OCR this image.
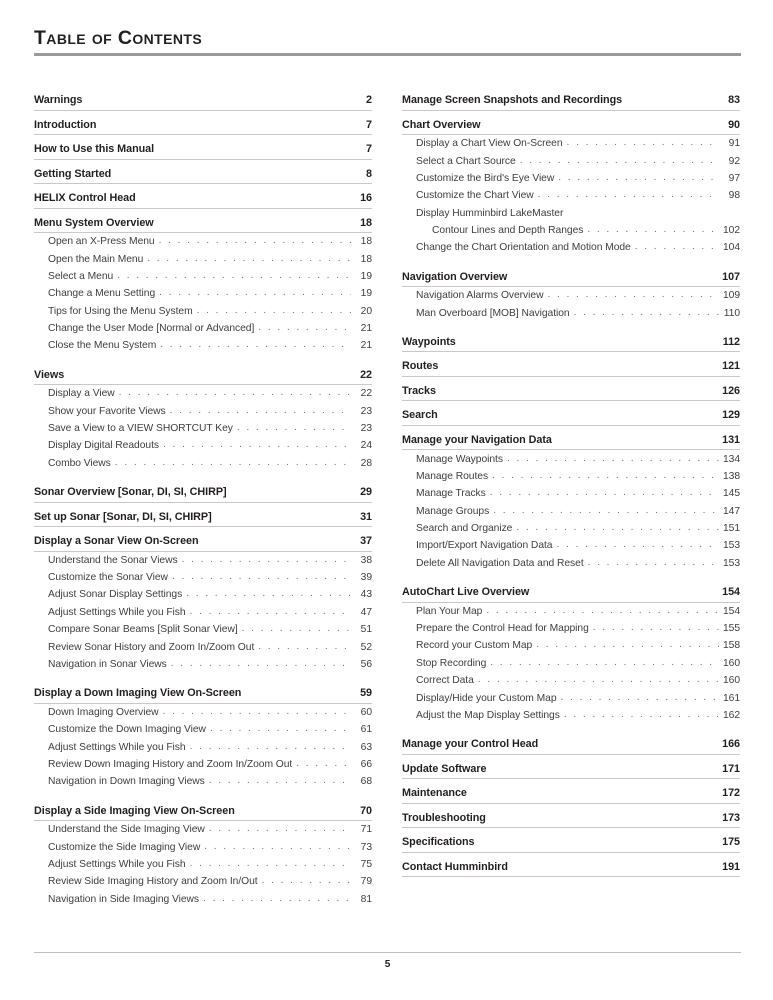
Table of Contents
Warnings	2
Introduction	7
How to Use this Manual	7
Getting Started	8
HELIX Control Head	16
Menu System Overview	18
Open an X-Press Menu . . .	18
Open the Main Menu . . .	18
Select a Menu . . .	19
Change a Menu Setting . . .	19
Tips for Using the Menu System . . .	20
Change the User Mode [Normal or Advanced] . . .	21
Close the Menu System . . .	21
Views	22
Display a View . . .	22
Show your Favorite Views . . .	23
Save a View to a VIEW SHORTCUT Key . . .	23
Display Digital Readouts . . .	24
Combo Views . . .	28
Sonar Overview [Sonar, DI, SI, CHIRP]	29
Set up Sonar [Sonar, DI, SI, CHIRP]	31
Display a Sonar View On-Screen	37
Understand the Sonar Views . . .	38
Customize the Sonar View . . .	39
Adjust Sonar Display Settings . . .	43
Adjust Settings While you Fish . . .	47
Compare Sonar Beams [Split Sonar View] . . .	51
Review Sonar History and Zoom In/Zoom Out . . .	52
Navigation in Sonar Views . . .	56
Display a Down Imaging View On-Screen	59
Down Imaging Overview . . .	60
Customize the Down Imaging View . . .	61
Adjust Settings While you Fish . . .	63
Review Down Imaging History and Zoom In/Zoom Out . . .	66
Navigation in Down Imaging Views . . .	68
Display a Side Imaging View On-Screen	70
Understand the Side Imaging View . . .	71
Customize the Side Imaging View . . .	73
Adjust Settings While you Fish . . .	75
Review Side Imaging History and Zoom In/Out . . .	79
Navigation in Side Imaging Views . . .	81
Manage Screen Snapshots and Recordings	83
Chart Overview	90
Display a Chart View On-Screen . . .	91
Select a Chart Source . . .	92
Customize the Bird's Eye View . . .	97
Customize the Chart View . . .	98
Display Humminbird LakeMaster
Contour Lines and Depth Ranges . . .	102
Change the Chart Orientation and Motion Mode . . .	104
Navigation Overview	107
Navigation Alarms Overview . . .	109
Man Overboard [MOB] Navigation . . .	110
Waypoints	112
Routes	121
Tracks	126
Search	129
Manage your Navigation Data	131
Manage Waypoints . . .	134
Manage Routes . . .	138
Manage Tracks . . .	145
Manage Groups . . .	147
Search and Organize . . .	151
Import/Export Navigation Data . . .	153
Delete All Navigation Data and Reset . . .	153
AutoChart Live Overview	154
Plan Your Map . . .	154
Prepare the Control Head for Mapping . . .	155
Record your Custom Map . . .	158
Stop Recording . . .	160
Correct Data . . .	160
Display/Hide your Custom Map . . .	161
Adjust the Map Display Settings . . .	162
Manage your Control Head	166
Update Software	171
Maintenance	172
Troubleshooting	173
Specifications	175
Contact Humminbird	191
5
